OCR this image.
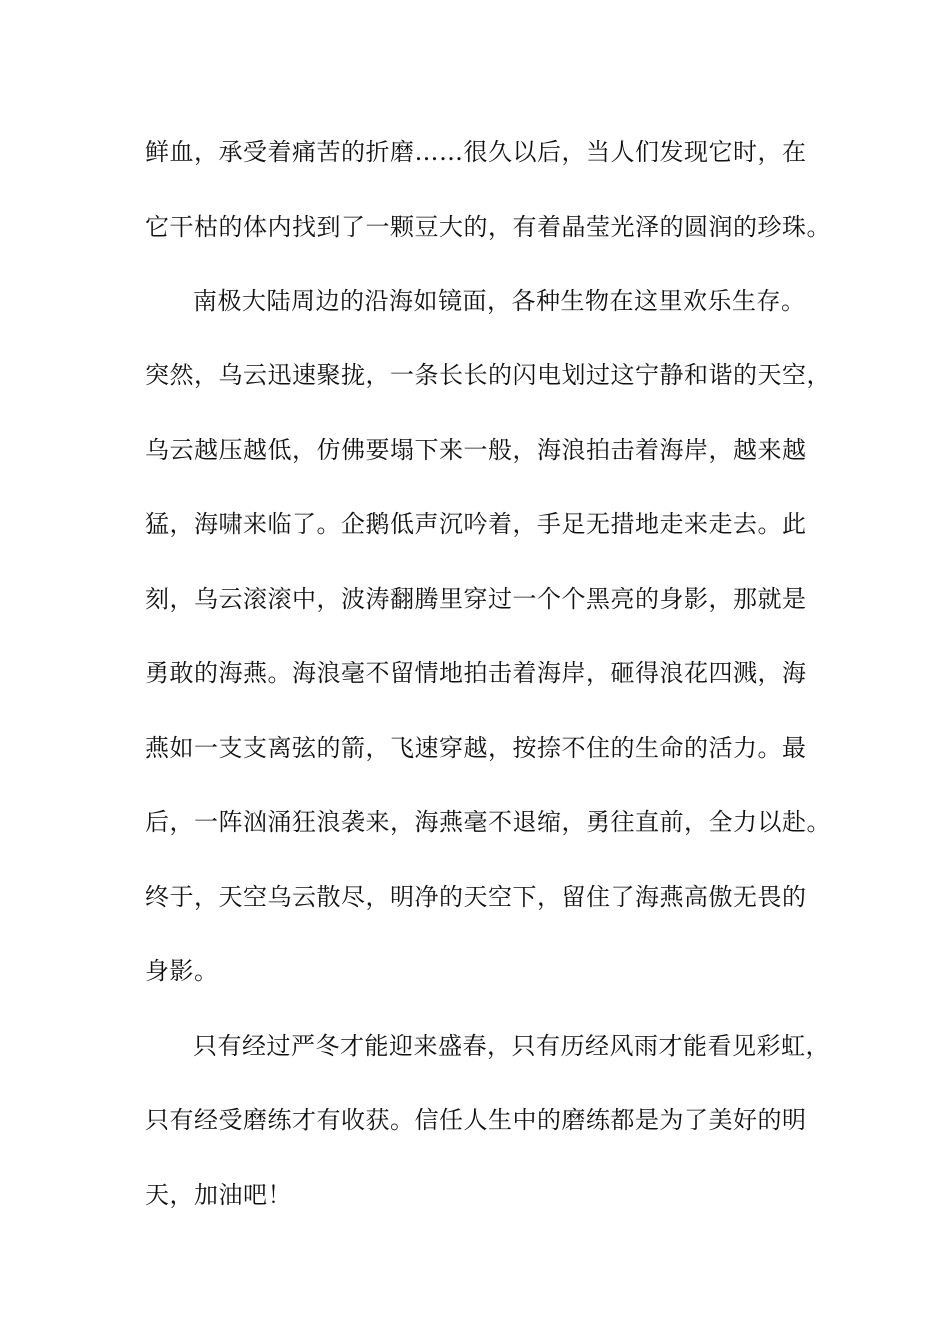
鲜血，承受着痛苦的折磨……很久以后，当人们发现它时，在
它干枯的体内找到了一颗豆大的，有着晶莹光泽的圆润的珍珠。
南极大陆周边的沿海如镜面，各种生物在这里欢乐生存。
突然，乌云迅速聚拢，一条长长的闪电划过这宁静和谐的天空，
乌云越压越低，仿佛要塌下来一般，海浪拍击着海岸，越来越
猛，海啸来临了。企鹅低声沉吟着，手足无措地走来走去。此
刻，乌云滚滚中，波涛翻腾里穿过一个个黑亮的身影，那就是
勇敢的海燕。海浪毫不留情地拍击着海岸，砸得浪花四溅，海
燕如一支支离弦的箭，飞速穿越，按捺不住的生命的活力。最
后，一阵汹涌狂浪袭来，海燕毫不退缩，勇往直前，全力以赴。
终于，天空乌云散尽，明净的天空下，留住了海燕高傲无畏的
身影。
只有经过严冬才能迎来盛春，只有历经风雨才能看见彩虹，
只有经受磨练才有收获。信任人生中的磨练都是为了美好的明
天，加油吧！
